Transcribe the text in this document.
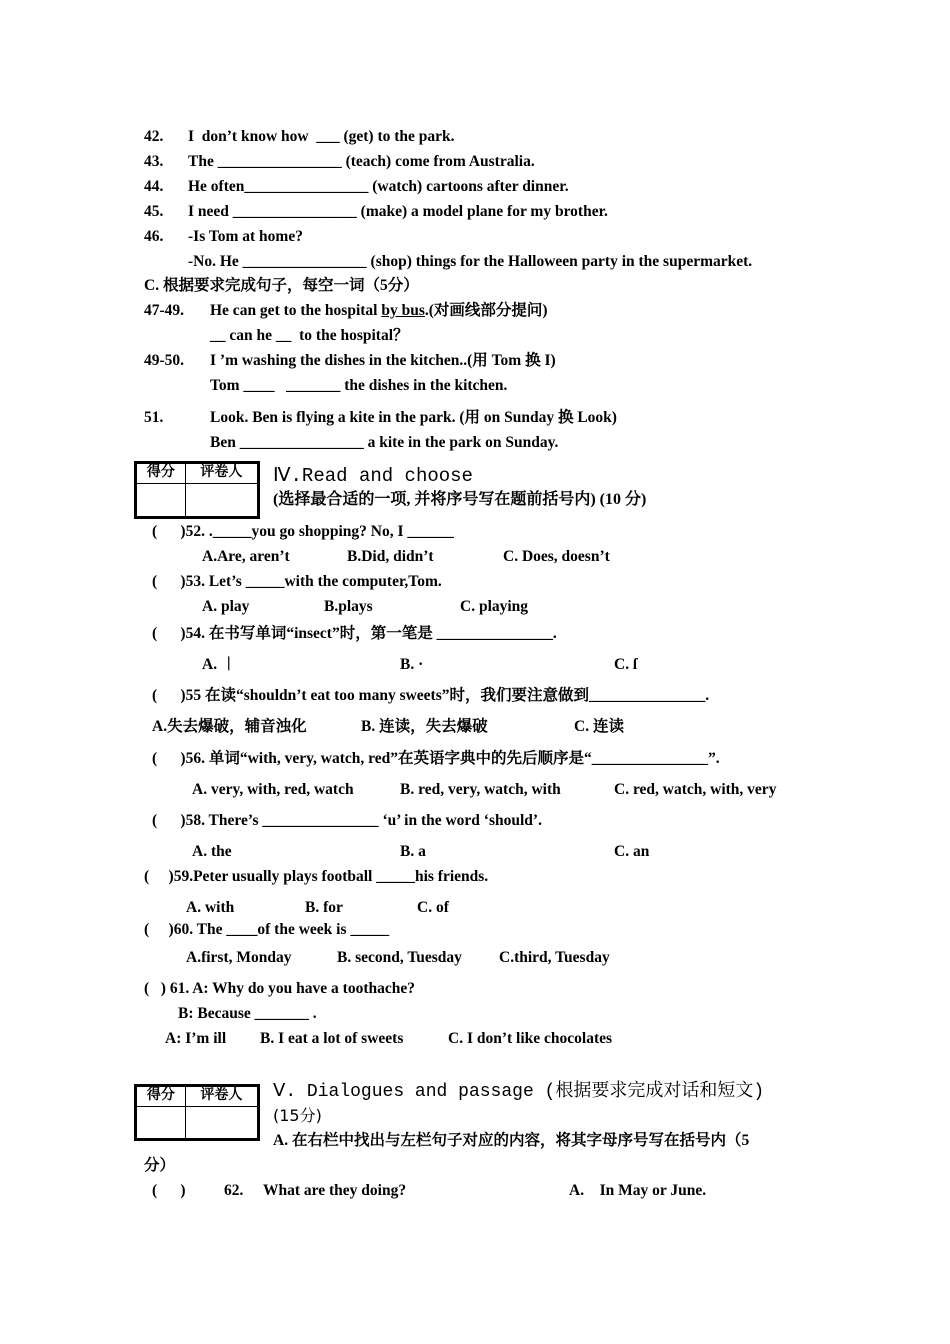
42. I  don’t know how  ___ (get) to the park.
43. The ________________ (teach) come from Australia.
44. He often________________ (watch) cartoons after dinner.
45. I need ________________ (make) a model plane for my brother.
46. -Is Tom at home?
-No. He ________________ (shop) things for the Halloween party in the supermarket.
C. 根据要求完成句子，每空一词（5分）
47-49. He can get to the hospital by bus.(对画线部分提问)
__ can he __  to the hospital？
49-50. I ’m washing the dishes in the kitchen..(用 Tom 换 I)
Tom ____   _______ the dishes in the kitchen.
51.	Look. Ben is flying a kite in the park. (用 on Sunday 换 Look)
Ben ________________ a kite in the park on Sunday.
得分	评卷人
	Ⅳ.Read and choose
(选择最合适的一项, 并将序号写在题前括号内) (10 分)
(      )52. ._____you go shopping? No, I ______
A.Are, aren’t	B.Did, didn’t	C. Does, doesn’t
(      )53. Let’s _____with the computer,Tom.
A. play	B.plays	C. playing
(      )54. 在书写单词“insect”时，第一笔是 _______________.
A. ︱	B. ·	C. ſ
(      )55 在读“shouldn’t eat too many sweets”时，我们要注意做到_______________.
A.失去爆破，辅音浊化	B. 连读，失去爆破	C. 连读
(      )56. 单词“with, very, watch, red”在英语字典中的先后顺序是“_______________”.
A. very, with, red, watch	B. red, very, watch, with	C. red, watch, with, very
(      )58. There’s _______________ ‘u’ in the word ‘should’.
A. the	B. a	C. an
(     )59.Peter usually plays football _____his friends.
A. with	B. for	C. of
(     )60. The ____of the week is _____
A.first, Monday	B. second, Tuesday C.third, Tuesday
(   ) 61. A: Why do you have a toothache?
B: Because _______ .
A: I’m ill B. I eat a lot of sweets	C. I don’t like chocolates
得分	评卷人
	Ⅴ. Dialogues and passage (根据要求完成对话和短文)
(15分)
A. 在右栏中找出与左栏句子对应的内容，将其字母序号写在括号内（5
分）
(      ) 62. What are they doing?	A.    In May or June.
